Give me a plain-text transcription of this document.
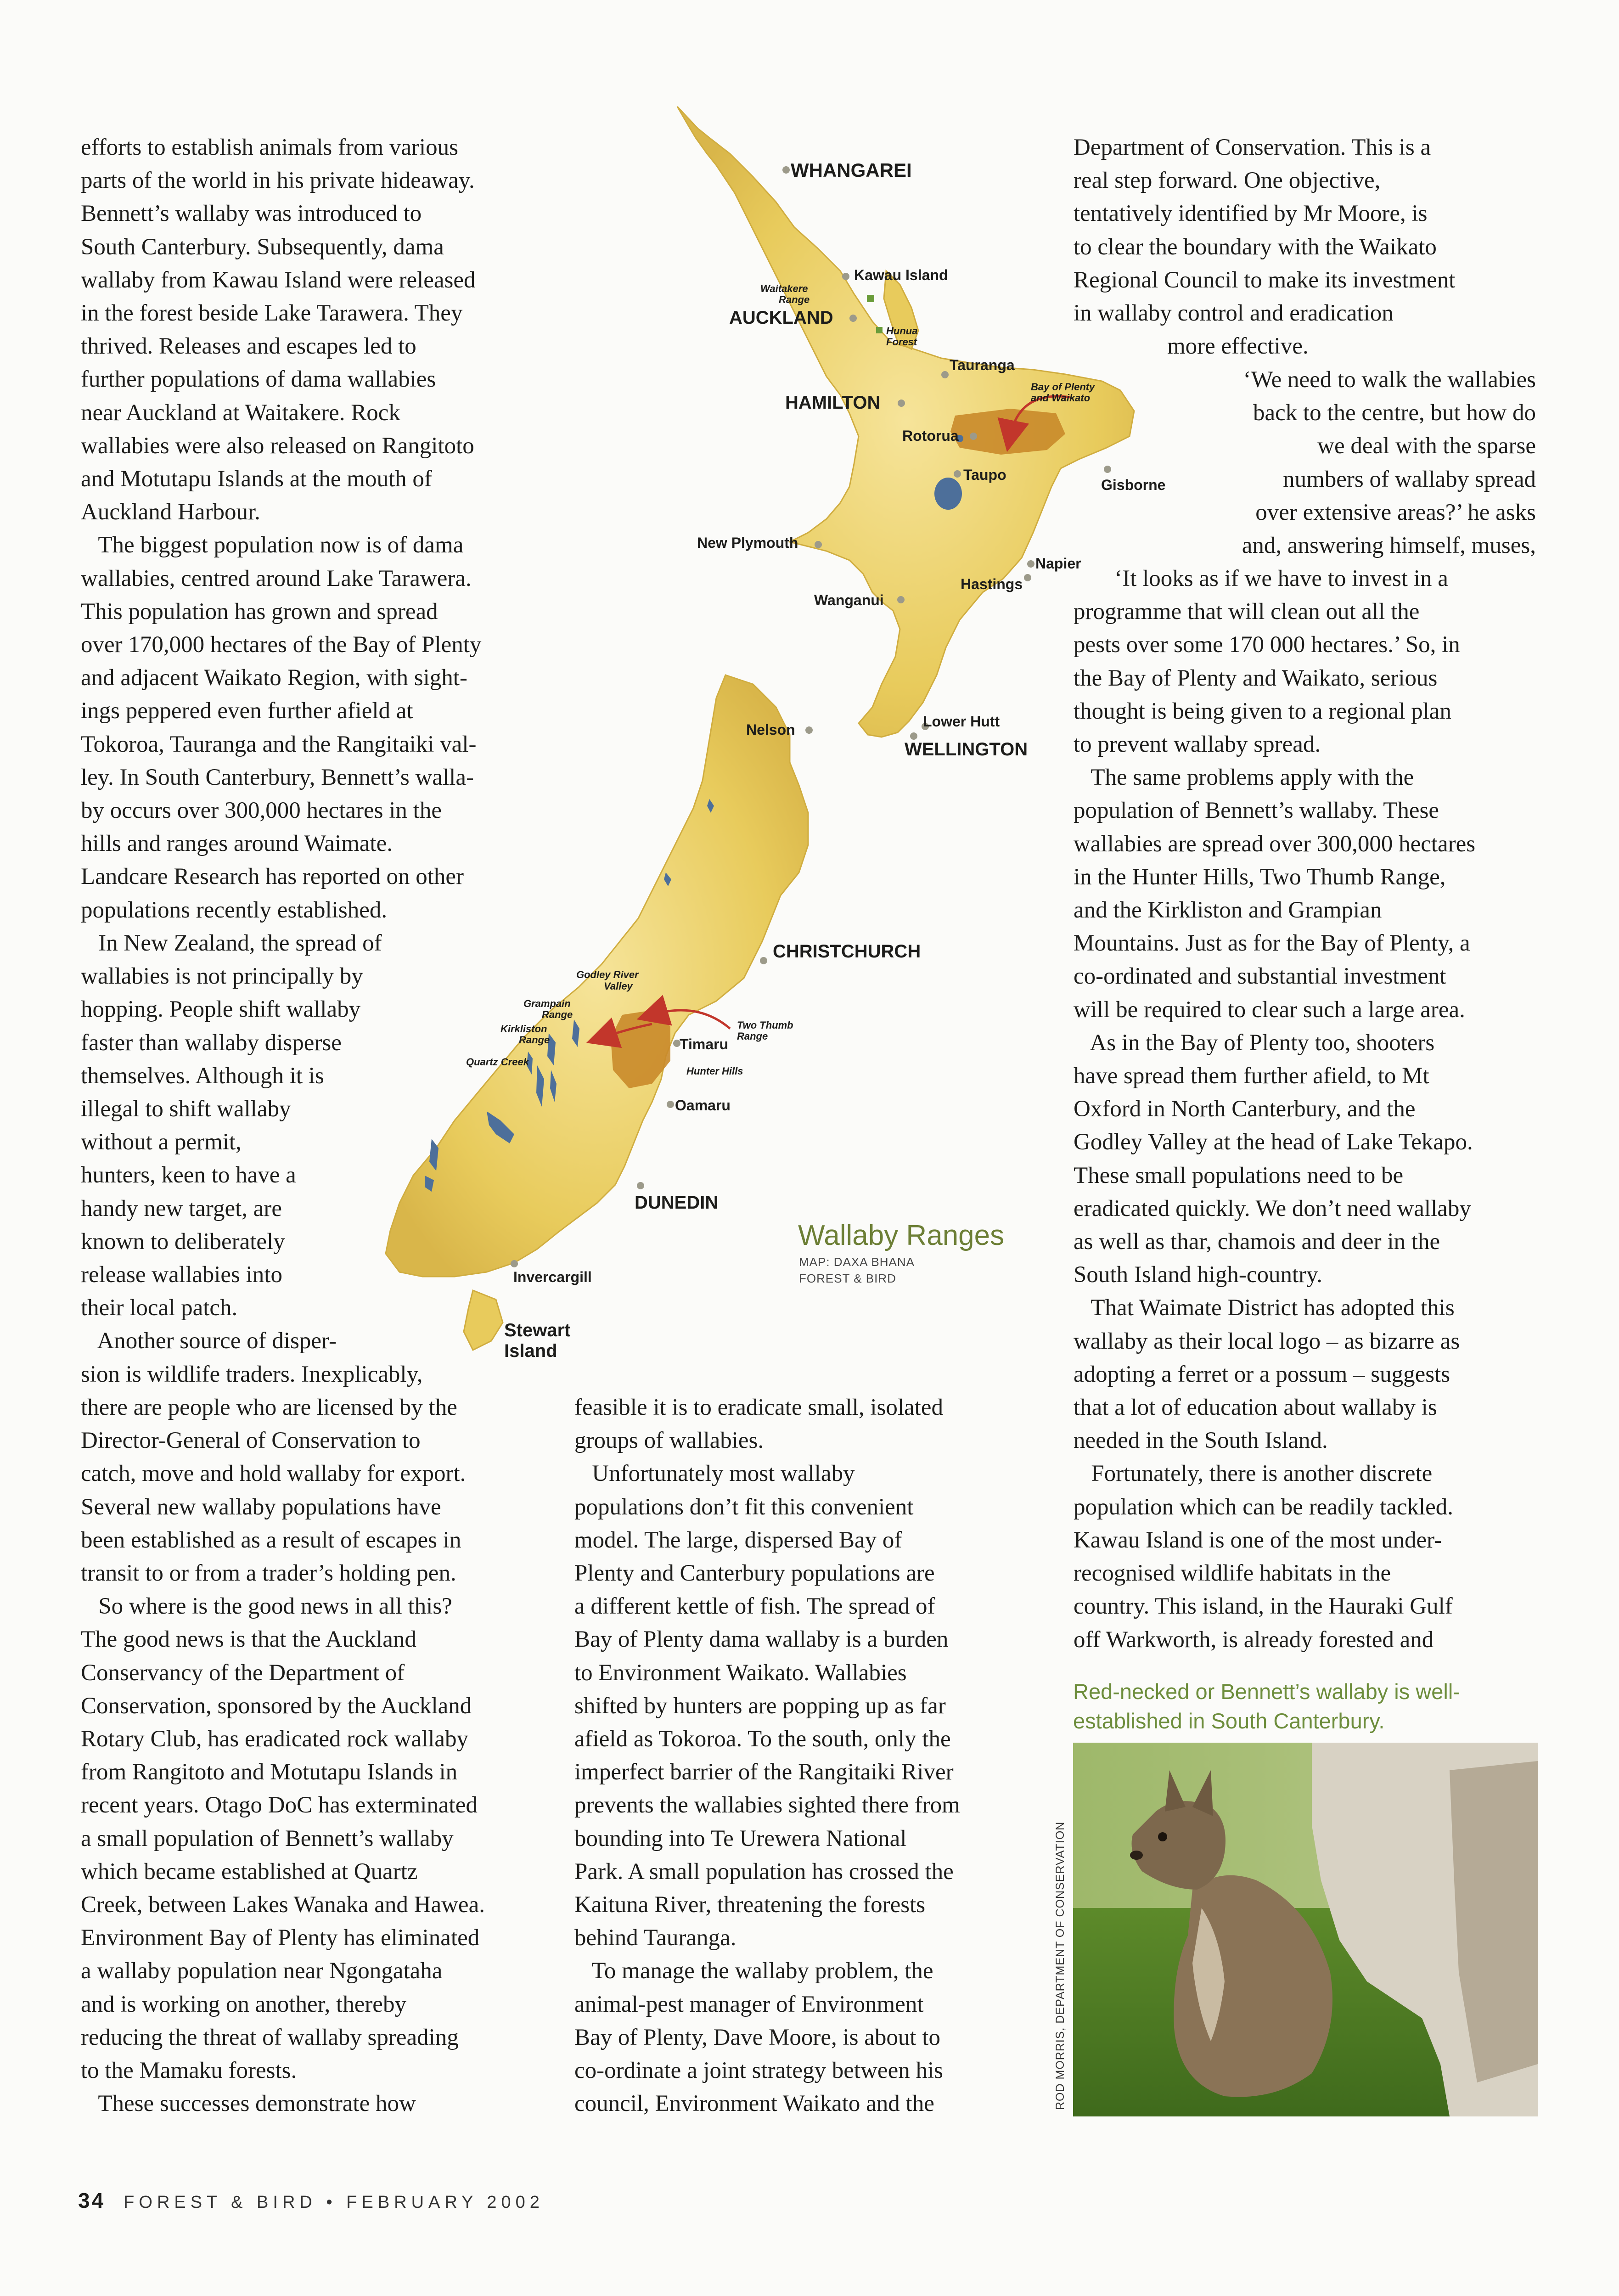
WHANGAREI
Kawau Island
Waitakere
Range
AUCKLAND
Hunua
Forest
Tauranga
Bay of Plenty
and Waikato
HAMILTON
Rotorua
Taupo
Gisborne
New Plymouth
Napier
Hastings
Wanganui
Lower Hutt
WELLINGTON
Nelson
CHRISTCHURCH
Godley River
Valley
Grampain
Range
Kirkliston
Range
Quartz Creek
Timaru
Two Thumb
Range
Hunter Hills
Oamaru
DUNEDIN
Invercargill
Stewart
Island
Wallaby Ranges
MAP: DAXA BHANA
FOREST & BIRD
efforts to establish animals from various
parts of the world in his private hideaway.
Bennett’s wallaby was introduced to
South Canterbury. Subsequently, dama
wallaby from Kawau Island were released
in the forest beside Lake Tarawera. They
thrived. Releases and escapes led to
further populations of dama wallabies
near Auckland at Waitakere. Rock
wallabies were also released on Rangitoto
and Motutapu Islands at the mouth of
Auckland Harbour.
The biggest population now is of dama
wallabies, centred around Lake Tarawera.
This population has grown and spread
over 170,000 hectares of the Bay of Plenty
and adjacent Waikato Region, with sight-
ings peppered even further afield at
Tokoroa, Tauranga and the Rangitaiki val-
ley. In South Canterbury, Bennett’s walla-
by occurs over 300,000 hectares in the
hills and ranges around Waimate.
Landcare Research has reported on other
populations recently established.
In New Zealand, the spread of
wallabies is not principally by
hopping. People shift wallaby
faster than wallaby disperse
themselves. Although it is
illegal to shift wallaby
without a permit,
hunters, keen to have a
handy new target, are
known to deliberately
release wallabies into
their local patch.
Another source of disper-
sion is wildlife traders. Inexplicably,
there are people who are licensed by the
Director-General of Conservation to
catch, move and hold wallaby for export.
Several new wallaby populations have
been established as a result of escapes in
transit to or from a trader’s holding pen.
So where is the good news in all this?
The good news is that the Auckland
Conservancy of the Department of
Conservation, sponsored by the Auckland
Rotary Club, has eradicated rock wallaby
from Rangitoto and Motutapu Islands in
recent years. Otago DoC has exterminated
a small population of Bennett’s wallaby
which became established at Quartz
Creek, between Lakes Wanaka and Hawea.
Environment Bay of Plenty has eliminated
a wallaby population near Ngongataha
and is working on another, thereby
reducing the threat of wallaby spreading
to the Mamaku forests.
These successes demonstrate how
feasible it is to eradicate small, isolated
groups of wallabies.
Unfortunately most wallaby
populations don’t fit this convenient
model. The large, dispersed Bay of
Plenty and Canterbury populations are
a different kettle of fish. The spread of
Bay of Plenty dama wallaby is a burden
to Environment Waikato. Wallabies
shifted by hunters are popping up as far
afield as Tokoroa. To the south, only the
imperfect barrier of the Rangitaiki River
prevents the wallabies sighted there from
bounding into Te Urewera National
Park. A small population has crossed the
Kaituna River, threatening the forests
behind Tauranga.
To manage the wallaby problem, the
animal-pest manager of Environment
Bay of Plenty, Dave Moore, is about to
co-ordinate a joint strategy between his
council, Environment Waikato and the
Department of Conservation. This is a
real step forward. One objective,
tentatively identified by Mr Moore, is
to clear the boundary with the Waikato
Regional Council to make its investment
in wallaby control and eradication
more effective.
‘We need to walk the wallabies
back to the centre, but how do
we deal with the sparse
numbers of wallaby spread
over extensive areas?’ he asks
and, answering himself, muses,
‘It looks as if we have to invest in a
programme that will clean out all the
pests over some 170 000 hectares.’ So, in
the Bay of Plenty and Waikato, serious
thought is being given to a regional plan
to prevent wallaby spread.
The same problems apply with the
population of Bennett’s wallaby. These
wallabies are spread over 300,000 hectares
in the Hunter Hills, Two Thumb Range,
and the Kirkliston and Grampian
Mountains. Just as for the Bay of Plenty, a
co-ordinated and substantial investment
will be required to clear such a large area.
As in the Bay of Plenty too, shooters
have spread them further afield, to Mt
Oxford in North Canterbury, and the
Godley Valley at the head of Lake Tekapo.
These small populations need to be
eradicated quickly. We don’t need wallaby
as well as thar, chamois and deer in the
South Island high-country.
That Waimate District has adopted this
wallaby as their local logo – as bizarre as
adopting a ferret or a possum – suggests
that a lot of education about wallaby is
needed in the South Island.
Fortunately, there is another discrete
population which can be readily tackled.
Kawau Island is one of the most under-
recognised wildlife habitats in the
country. This island, in the Hauraki Gulf
off Warkworth, is already forested and
Red-necked or Bennett’s wallaby is well-
established in South Canterbury.
ROD MORRIS, DEPARTMENT OF CONSERVATION
34 FOREST & BIRD • FEBRUARY 2002
